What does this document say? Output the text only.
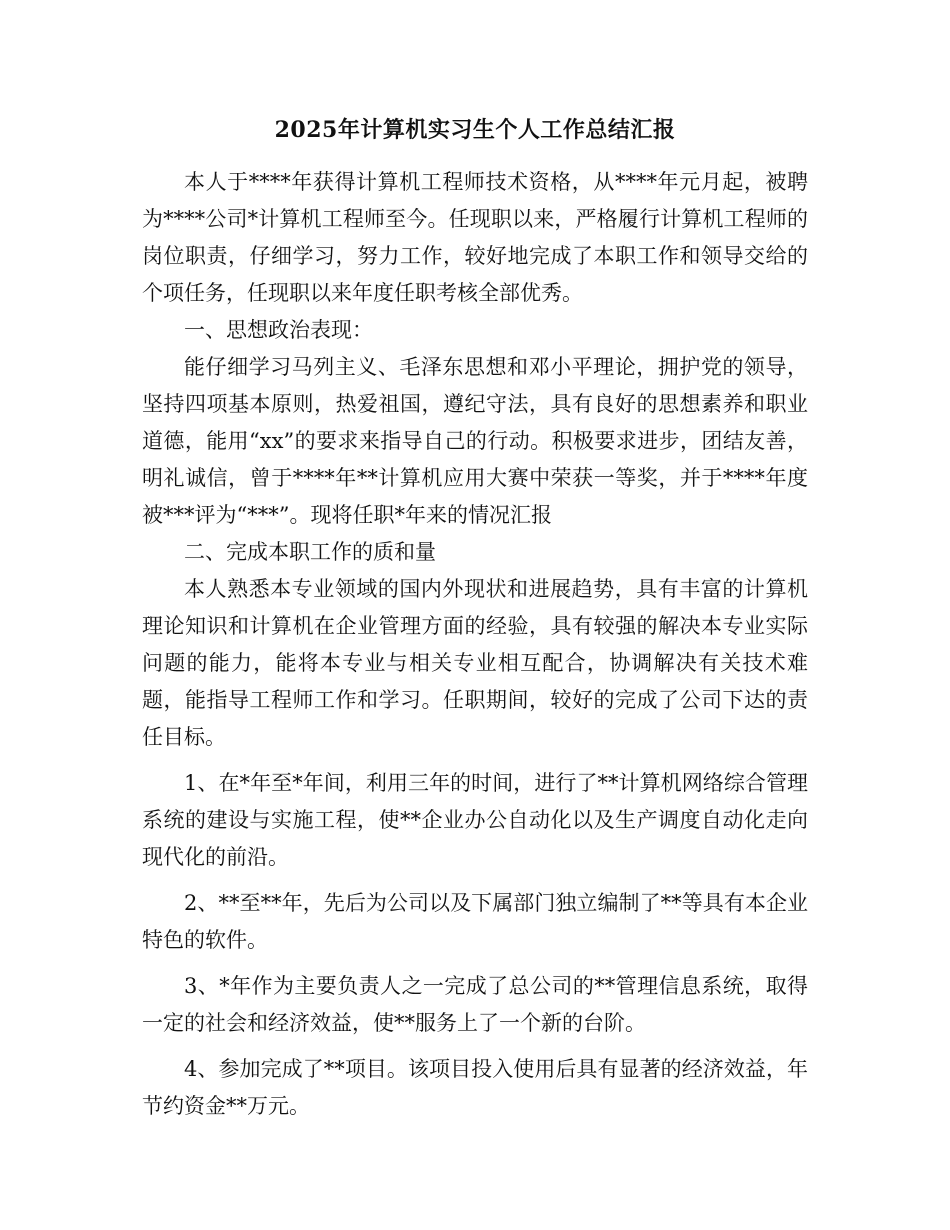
2025年计算机实习生个人工作总结汇报

本人于****年获得计算机工程师技术资格，从****年元月起，被聘为****公司*计算机工程师至今。任现职以来，严格履行计算机工程师的岗位职责，仔细学习，努力工作，较好地完成了本职工作和领导交给的个项任务，任现职以来年度任职考核全部优秀。

一、思想政治表现：

能仔细学习马列主义、毛泽东思想和邓小平理论，拥护党的领导，坚持四项基本原则，热爱祖国，遵纪守法，具有良好的思想素养和职业道德，能用“xx”的要求来指导自己的行动。积极要求进步，团结友善，明礼诚信，曾于****年**计算机应用大赛中荣获一等奖，并于****年度被***评为“***”。现将任职*年来的情况汇报

二、完成本职工作的质和量

本人熟悉本专业领域的国内外现状和进展趋势，具有丰富的计算机理论知识和计算机在企业管理方面的经验，具有较强的解决本专业实际问题的能力，能将本专业与相关专业相互配合，协调解决有关技术难题，能指导工程师工作和学习。任职期间，较好的完成了公司下达的责任目标。

1、在*年至*年间，利用三年的时间，进行了**计算机网络综合管理系统的建设与实施工程，使**企业办公自动化以及生产调度自动化走向现代化的前沿。

2、**至**年，先后为公司以及下属部门独立编制了**等具有本企业特色的软件。

3、*年作为主要负责人之一完成了总公司的**管理信息系统，取得一定的社会和经济效益，使**服务上了一个新的台阶。

4、参加完成了**项目。该项目投入使用后具有显著的经济效益，年节约资金**万元。
